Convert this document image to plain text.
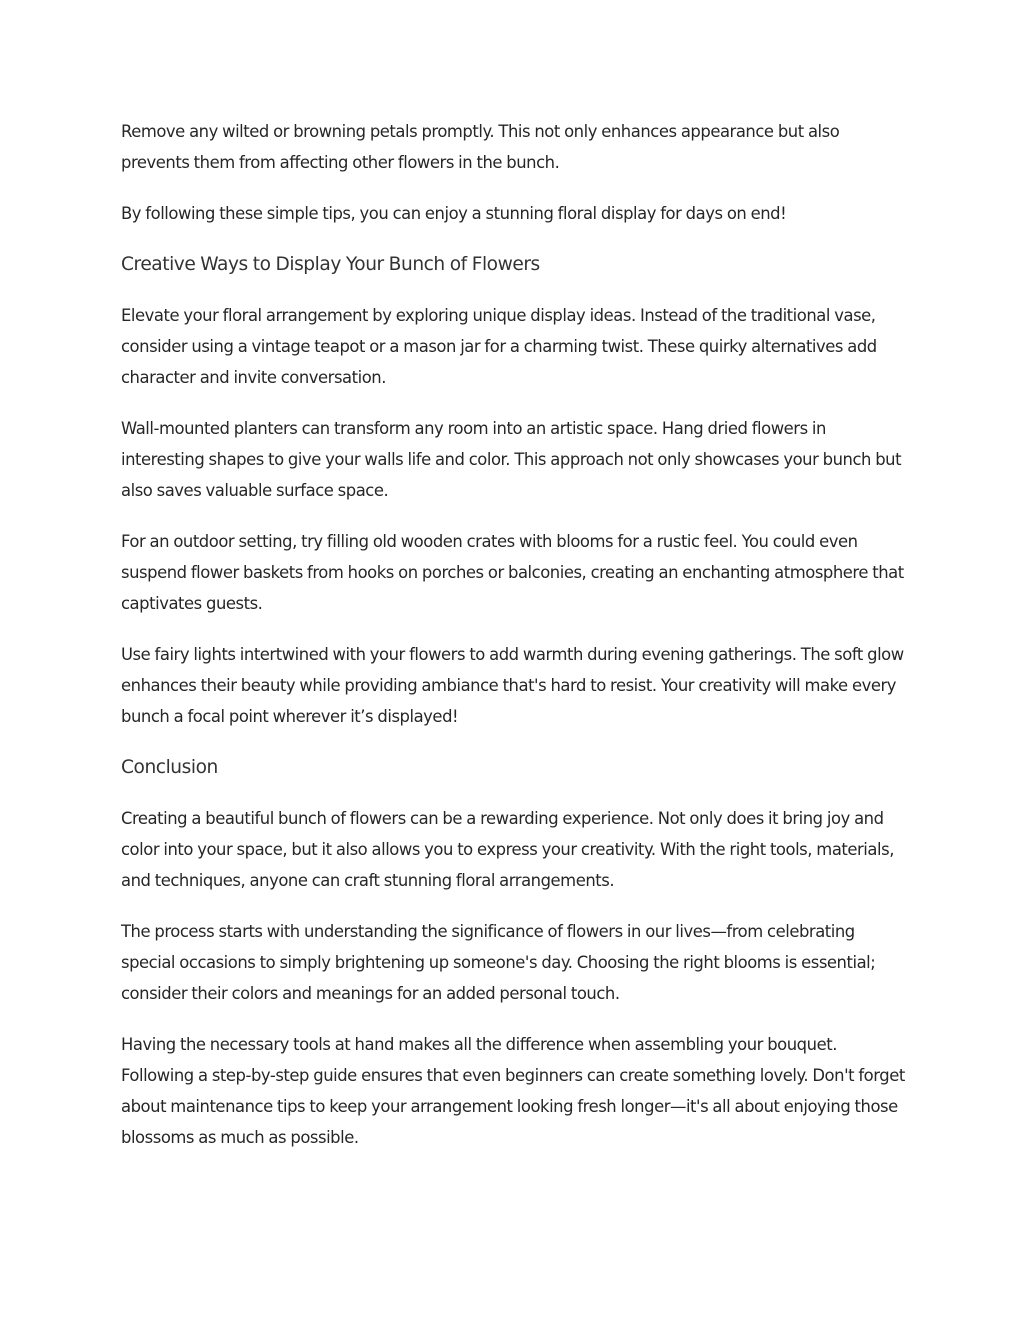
Remove any wilted or browning petals promptly. This not only enhances appearance but also prevents them from affecting other flowers in the bunch.

By following these simple tips, you can enjoy a stunning floral display for days on end!

Creative Ways to Display Your Bunch of Flowers

Elevate your floral arrangement by exploring unique display ideas. Instead of the traditional vase, consider using a vintage teapot or a mason jar for a charming twist. These quirky alternatives add character and invite conversation.

Wall-mounted planters can transform any room into an artistic space. Hang dried flowers in interesting shapes to give your walls life and color. This approach not only showcases your bunch but also saves valuable surface space.

For an outdoor setting, try filling old wooden crates with blooms for a rustic feel. You could even suspend flower baskets from hooks on porches or balconies, creating an enchanting atmosphere that captivates guests.

Use fairy lights intertwined with your flowers to add warmth during evening gatherings. The soft glow enhances their beauty while providing ambiance that's hard to resist. Your creativity will make every bunch a focal point wherever it’s displayed!

Conclusion

Creating a beautiful bunch of flowers can be a rewarding experience. Not only does it bring joy and color into your space, but it also allows you to express your creativity. With the right tools, materials, and techniques, anyone can craft stunning floral arrangements.

The process starts with understanding the significance of flowers in our lives—from celebrating special occasions to simply brightening up someone's day. Choosing the right blooms is essential; consider their colors and meanings for an added personal touch.

Having the necessary tools at hand makes all the difference when assembling your bouquet. Following a step-by-step guide ensures that even beginners can create something lovely. Don't forget about maintenance tips to keep your arrangement looking fresh longer—it's all about enjoying those blossoms as much as possible.
